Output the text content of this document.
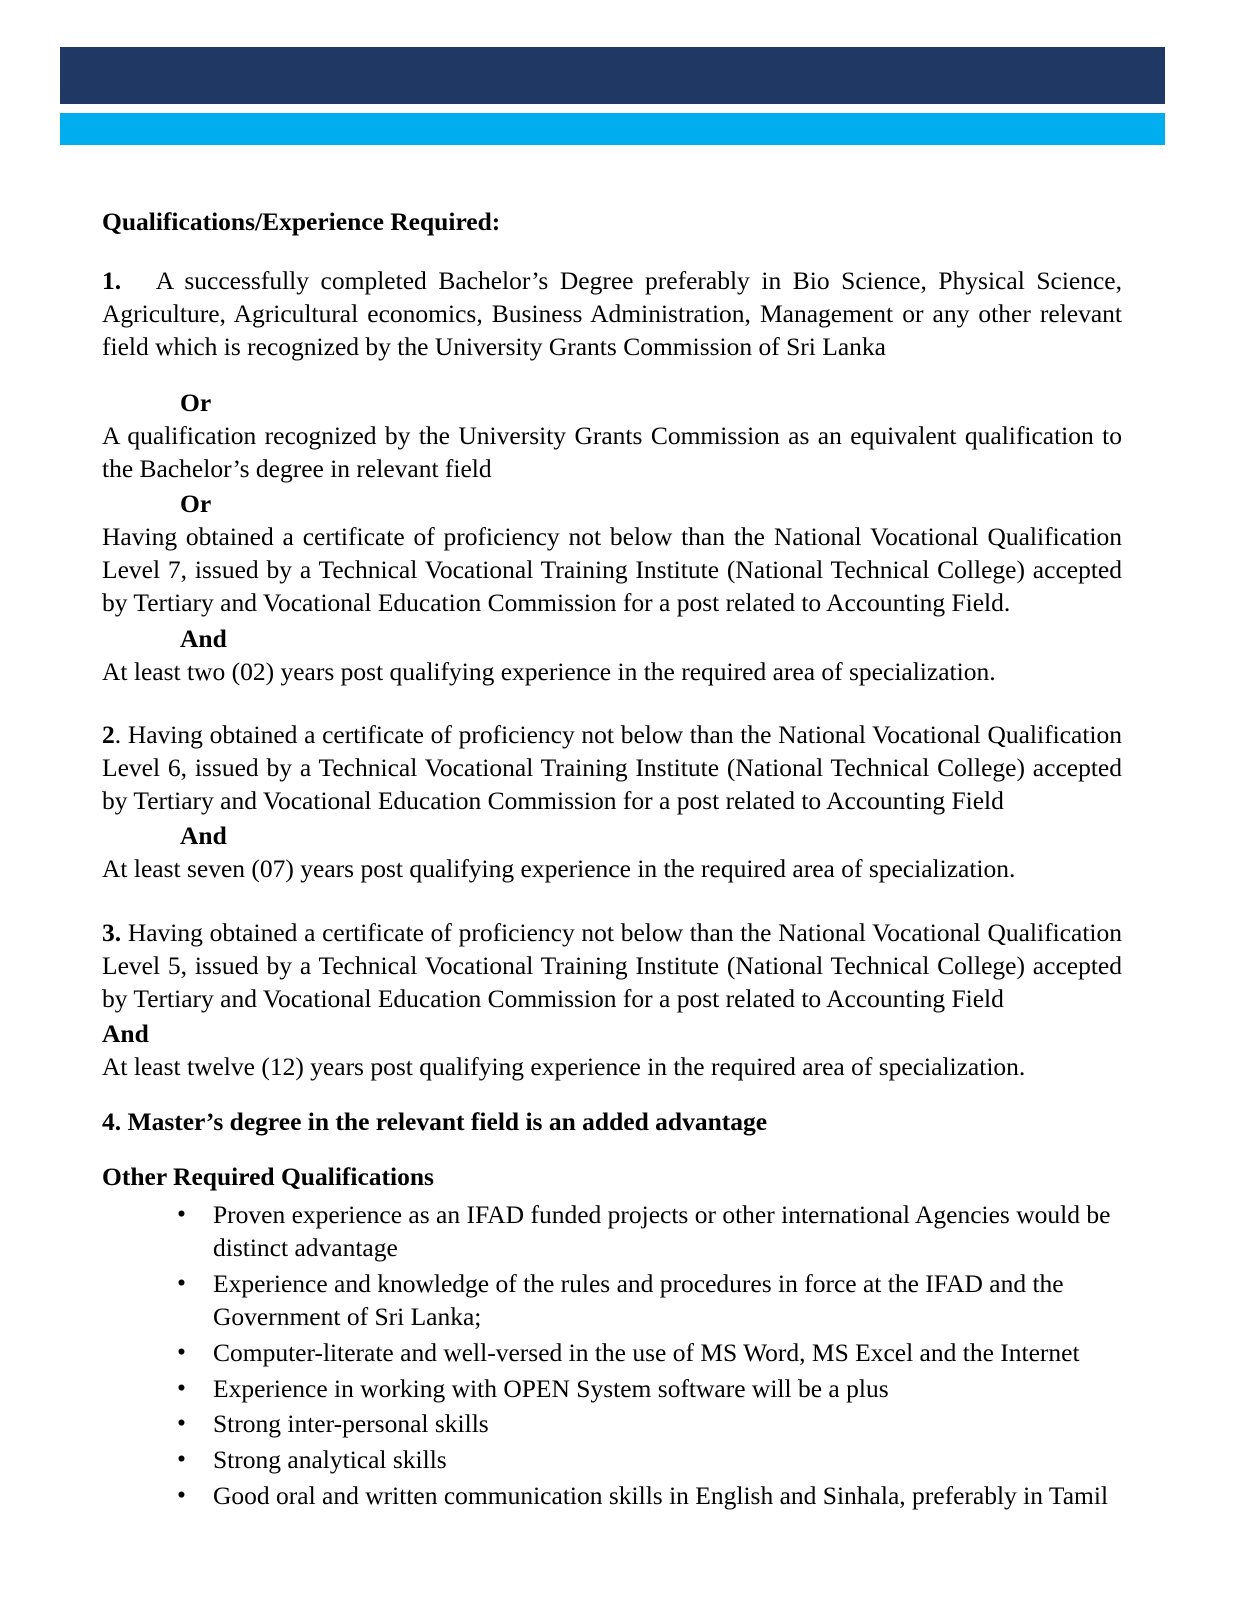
Qualifications/Experience Required:

1. A successfully completed Bachelor’s Degree preferably in Bio Science, Physical Science, Agriculture, Agricultural economics, Business Administration, Management or any other relevant field which is recognized by the University Grants Commission of Sri Lanka

Or

A qualification recognized by the University Grants Commission as an equivalent qualification to the Bachelor’s degree in relevant field

Or

Having obtained a certificate of proficiency not below than the National Vocational Qualification Level 7, issued by a Technical Vocational Training Institute (National Technical College) accepted by Tertiary and Vocational Education Commission for a post related to Accounting Field.

And

At least two (02) years post qualifying experience in the required area of specialization.

2. Having obtained a certificate of proficiency not below than the National Vocational Qualification Level 6, issued by a Technical Vocational Training Institute (National Technical College) accepted by Tertiary and Vocational Education Commission for a post related to Accounting Field

And

At least seven (07) years post qualifying experience in the required area of specialization.

3. Having obtained a certificate of proficiency not below than the National Vocational Qualification Level 5, issued by a Technical Vocational Training Institute (National Technical College) accepted by Tertiary and Vocational Education Commission for a post related to Accounting Field

And

At least twelve (12) years post qualifying experience in the required area of specialization.

4. Master’s degree in the relevant field is an added advantage
Other Required Qualifications
• Proven experience as an IFAD funded projects or other international Agencies would be distinct advantage
• Experience and knowledge of the rules and procedures in force at the IFAD and the Government of Sri Lanka;
• Computer-literate and well-versed in the use of MS Word, MS Excel and the Internet
• Experience in working with OPEN System software will be a plus
• Strong inter-personal skills
• Strong analytical skills
• Good oral and written communication skills in English and Sinhala, preferably in Tamil
